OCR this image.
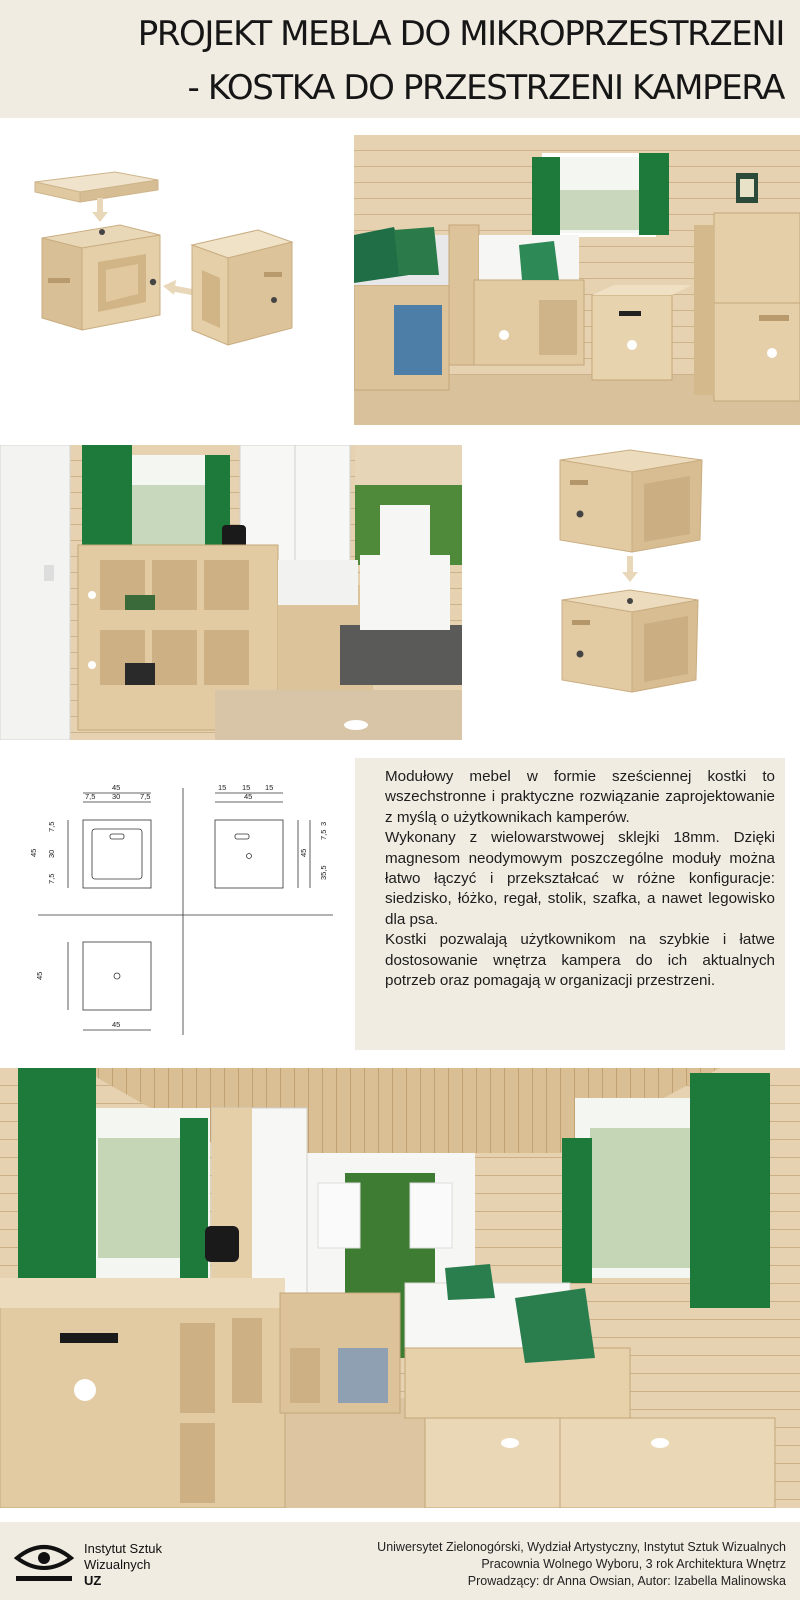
PROJEKT MEBLA DO MIKROPRZESTRZENI
- KOSTKA DO PRZESTRZENI KAMPERA
45
7,5 30	7,5
45
7,5
30
7,5
15 15 15
45
45
3
7,5
35,5
45
45

Modułowy mebel w formie sześciennej kostki to wszechstronne i praktyczne rozwiązanie zaprojektowanie z myślą o użytkownikach kamperów.

Wykonany z wielowarstwowej sklejki 18mm. Dzięki magnesom neodymowym poszczególne moduły można łatwo łączyć i przekształcać w różne konfiguracje: siedzisko, łóżko, regał, stolik, szafka, a nawet legowisko dla psa.

Kostki pozwalają użytkownikom na szybkie i łatwe dostosowanie wnętrza kampera do ich aktualnych potrzeb oraz pomagają w organizacji przestrzeni.

Instytut Sztuk
Wizualnych
UZ
Uniwersytet Zielonogórski, Wydział Artystyczny, Instytut Sztuk Wizualnych
Pracownia Wolnego Wyboru, 3 rok Architektura Wnętrz
Prowadzący: dr Anna Owsian, Autor: Izabella Malinowska
